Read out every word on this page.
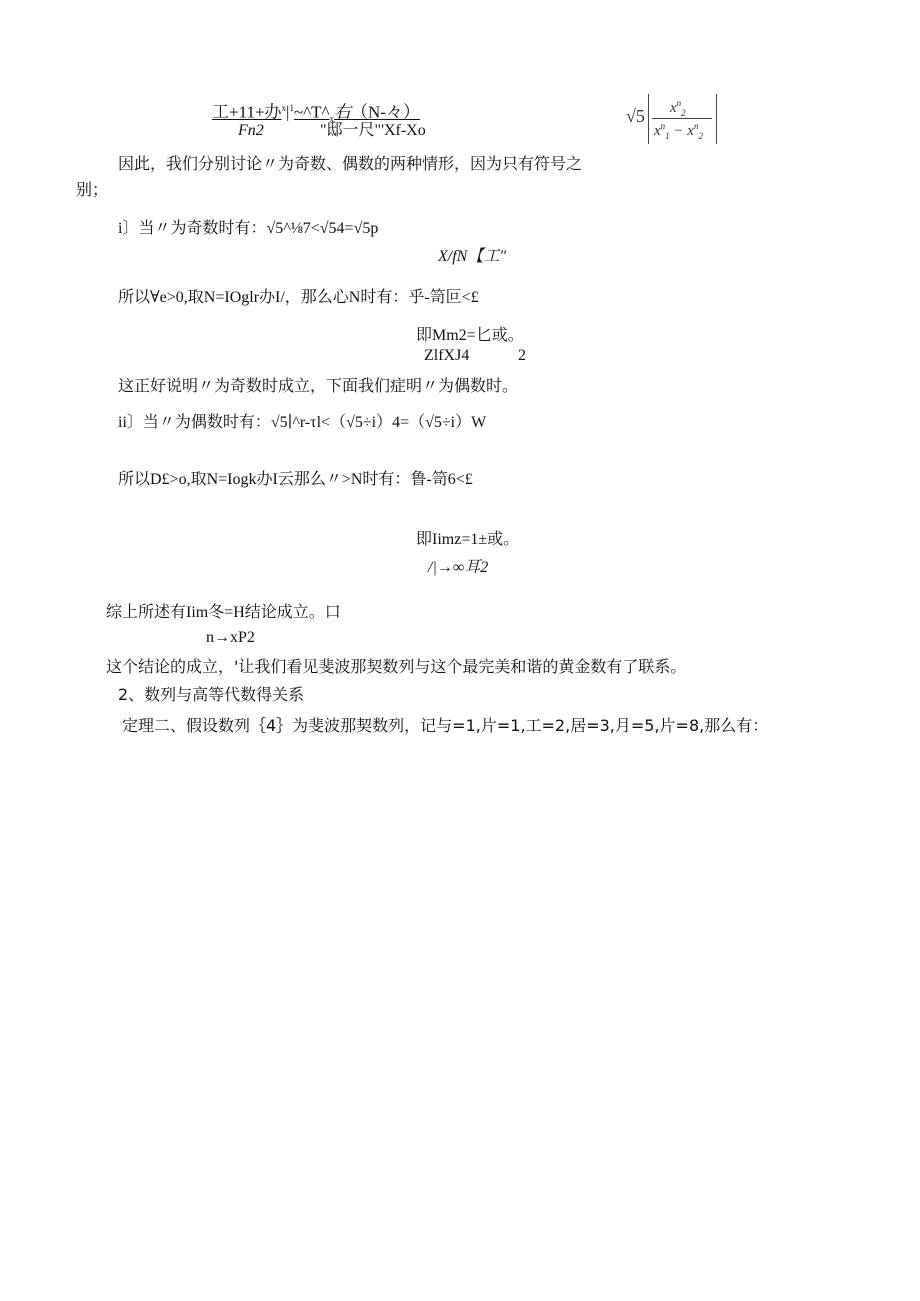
工+11+办$^x|^1\sim\^{}T\^{}_x$右（N-々）
Fn2	"邸一尺"'Xf-Xo
√5 $x^n_2$
$x^n_1 - x^n_2$
因此，我们分别讨论〃为奇数、偶数的两种情形，因为只有符号之
别；
i〕当〃为奇数时有：√5^⅛7<√54=√5p
X/fN【工"
所以∀e>0,取N=IOglr办I/，那么心N时有：乎-笥叵<£
即Mm2=匕或。
ZlfXJ4	2
这正好说明〃为奇数时成立，下面我们症明〃为偶数时。
ii〕当〃为偶数时有：√5∣^r-τl<（√5÷i）4=（√5÷i）W
所以D£>o,取N=Iogk办I云那么〃>N时有：鲁-笥6<£
即Iimz=1±或。
/|→∞耳2
综上所述有Iim冬=H结论成立。口
n→xP2
这个结论的成立，'让我们看见斐波那契数列与这个最完美和谐的黄金数有了联系。
2、数列与高等代数得关系
定理二、假设数列｛4｝为斐波那契数列，记与=1,片=1,工=2,居=3,月=5,片=8,那么有：
